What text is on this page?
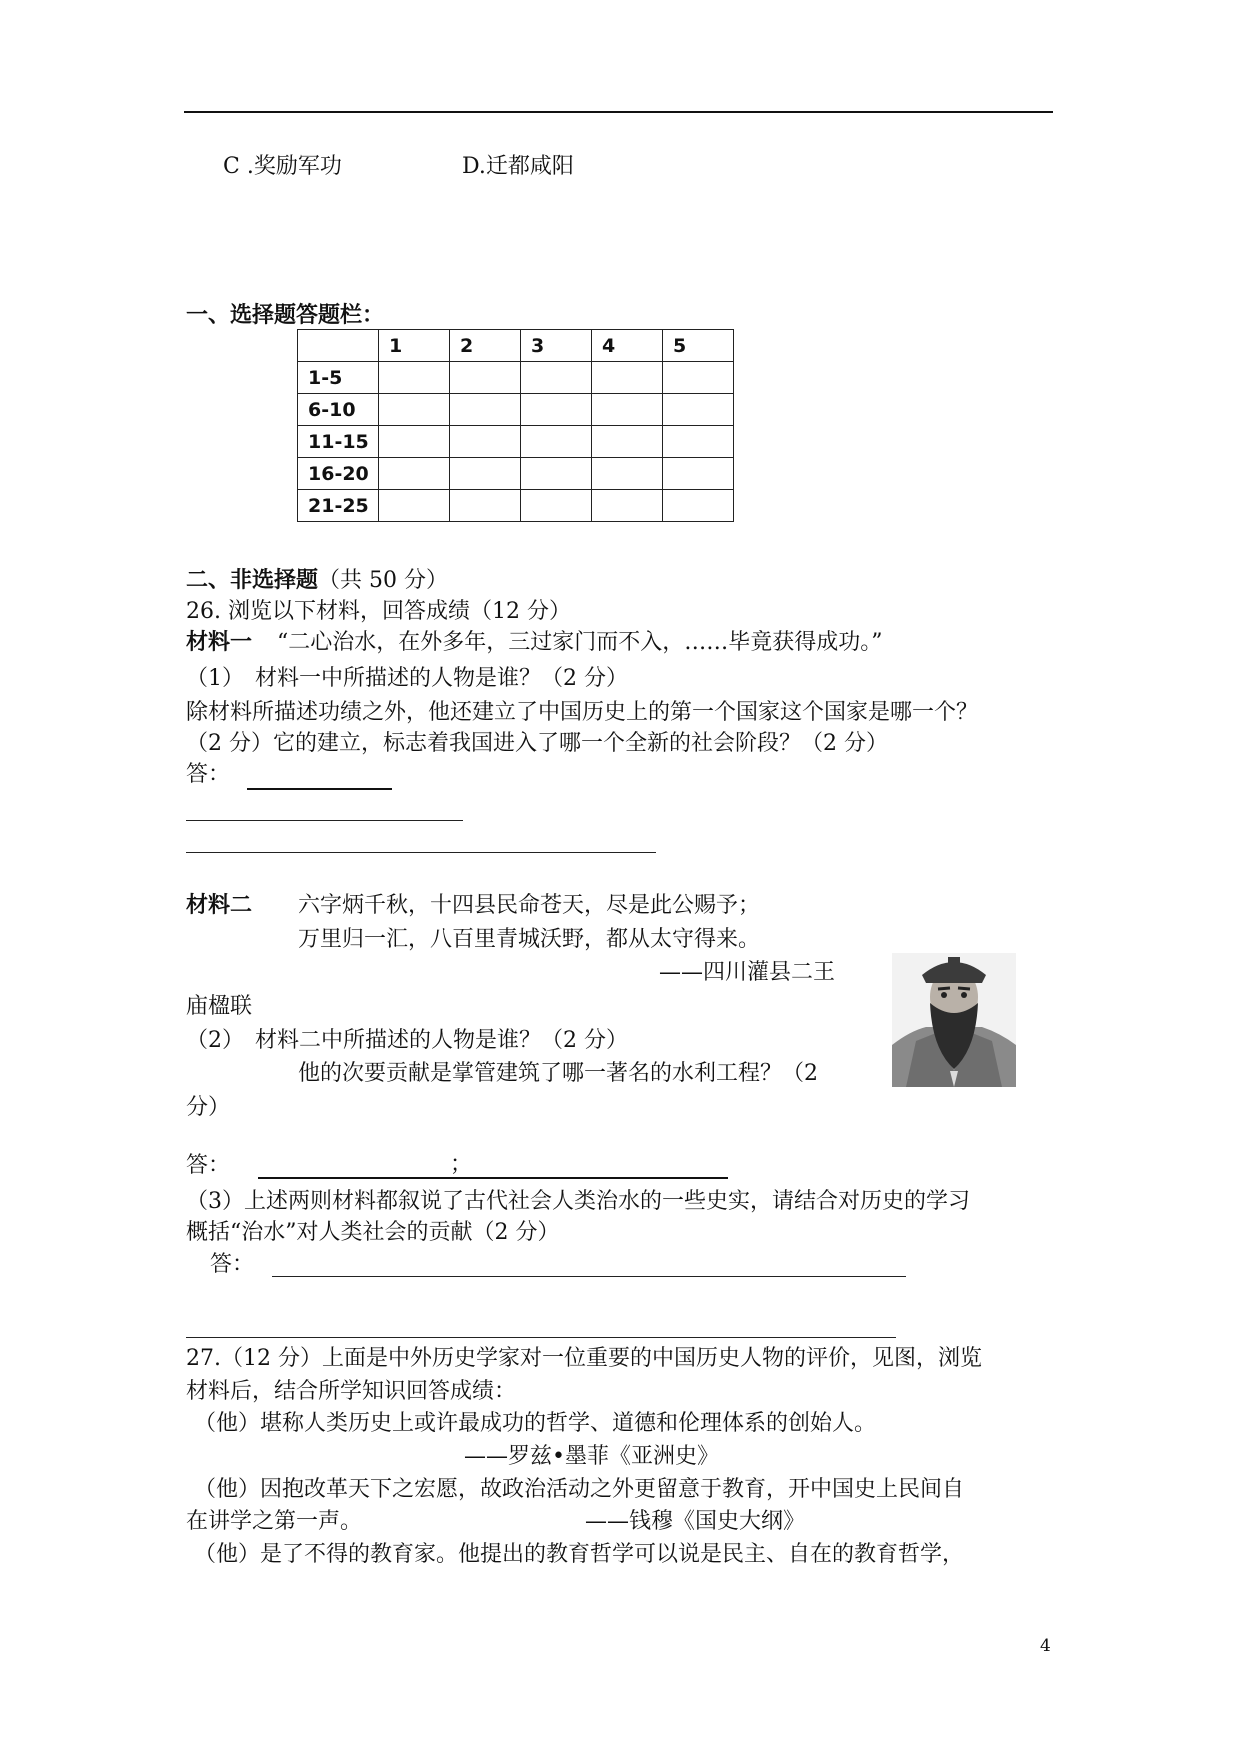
C .奖励军功	D.迁都咸阳
一、选择题答题栏：
	1	2	3	4	5
1-5					
6-10					
11-15					
16-20					
21-25					
二、非选择题（共 50 分）
26. 浏览以下材料，回答成绩（12 分）
材料一 “二心治水，在外多年，三过家门而不入，……毕竟获得成功。”
（1）　材料一中所描述的人物是谁？（2 分）
除材料所描述功绩之外，他还建立了中国历史上的第一个国家这个国家是哪一个？
（2 分）它的建立，标志着我国进入了哪一个全新的社会阶段？（2 分）
答：
材料二 六字炳千秋，十四县民命苍天，尽是此公赐予；
万里归一汇，八百里青城沃野，都从太守得来。
——四川灌县二王
庙楹联
（2）　材料二中所描述的人物是谁？（2 分）
他的次要贡献是掌管建筑了哪一著名的水利工程？（2
分）
答：	；
（3）上述两则材料都叙说了古代社会人类治水的一些史实，请结合对历史的学习
概括“治水”对人类社会的贡献（2 分）
答：
27.（12 分）上面是中外历史学家对一位重要的中国历史人物的评价，见图，浏览
材料后，结合所学知识回答成绩：
（他）堪称人类历史上或许最成功的哲学、道德和伦理体系的创始人。
——罗兹•墨菲《亚洲史》
（他）因抱改革天下之宏愿，故政治活动之外更留意于教育，开中国史上民间自
在讲学之第一声。	——钱穆《国史大纲》
（他）是了不得的教育家。他提出的教育哲学可以说是民主、自在的教育哲学，
4
